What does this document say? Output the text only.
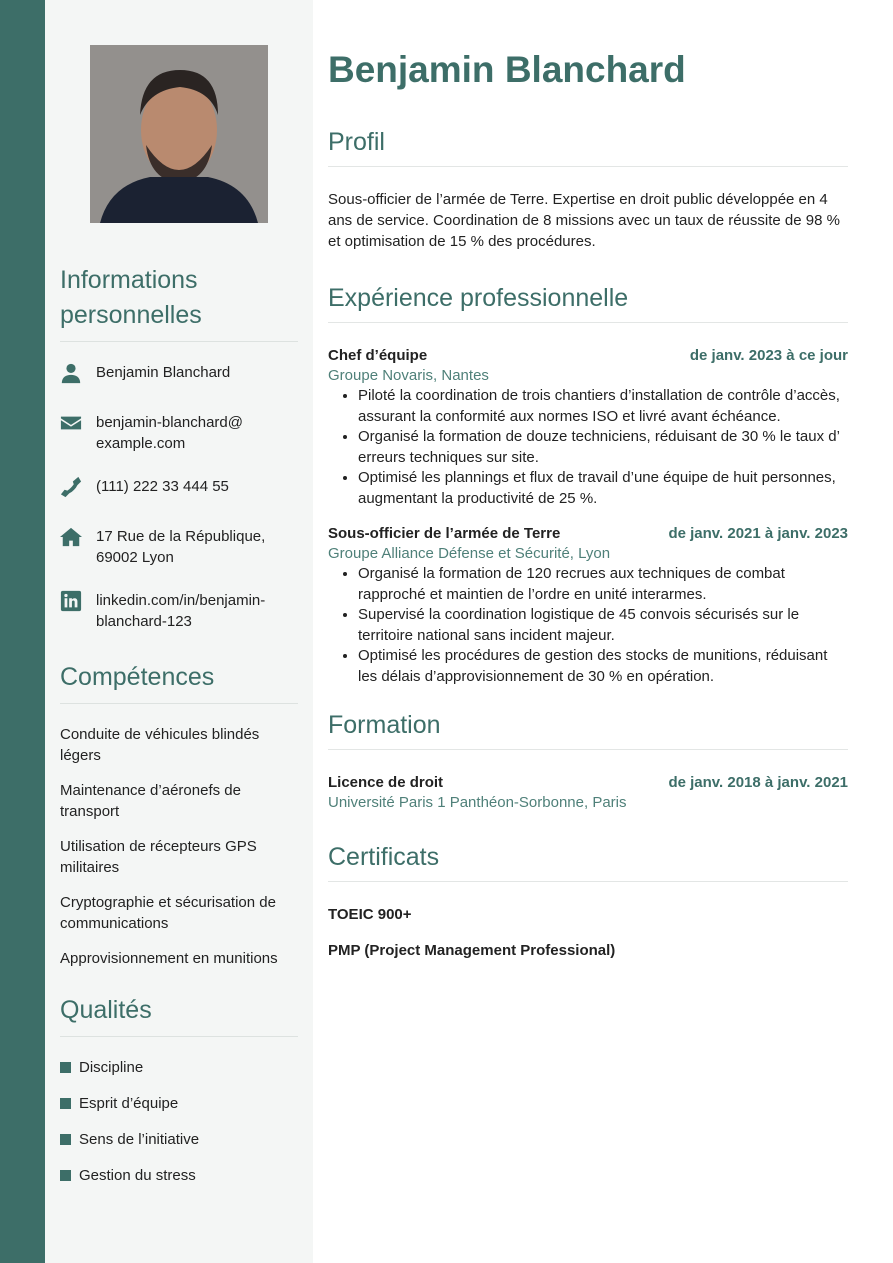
Informations personnelles
Benjamin Blanchard
benjamin-blanchard@ example.com
(111) 222 33 444 55
17 Rue de la République, 69002 Lyon
linkedin.com/in/benjamin-blanchard-123
Compétences
Conduite de véhicules blindés légers
Maintenance d’aéronefs de transport
Utilisation de récepteurs GPS militaires
Cryptographie et sécurisation de communications
Approvisionnement en munitions
Qualités
Discipline
Esprit d’équipe
Sens de l’initiative
Gestion du stress
Benjamin Blanchard
Profil

Sous-officier de l’armée de Terre. Expertise en droit public développée en 4 ans de service. Coordination de 8 missions avec un taux de réussite de 98 % et optimisation de 15 % des procédures.

Expérience professionnelle
Chef d’équipe	de janv. 2023 à ce jour
Groupe Novaris, Nantes
• Piloté la coordination de trois chantiers d’installation de contrôle d’accès, assurant la conformité aux normes ISO et livré avant échéance.
• Organisé la formation de douze techniciens, réduisant de 30 % le taux d’ erreurs techniques sur site.
• Optimisé les plannings et flux de travail d’une équipe de huit personnes, augmentant la productivité de 25 %.
Sous-officier de l’armée de Terre	de janv. 2021 à janv. 2023
Groupe Alliance Défense et Sécurité, Lyon
• Organisé la formation de 120 recrues aux techniques de combat rapproché et maintien de l’ordre en unité interarmes.
• Supervisé la coordination logistique de 45 convois sécurisés sur le territoire national sans incident majeur.
• Optimisé les procédures de gestion des stocks de munitions, réduisant les délais d’approvisionnement de 30 % en opération.
Formation
Licence de droit	de janv. 2018 à janv. 2021
Université Paris 1 Panthéon-Sorbonne, Paris
Certificats
TOEIC 900+
PMP (Project Management Professional)
